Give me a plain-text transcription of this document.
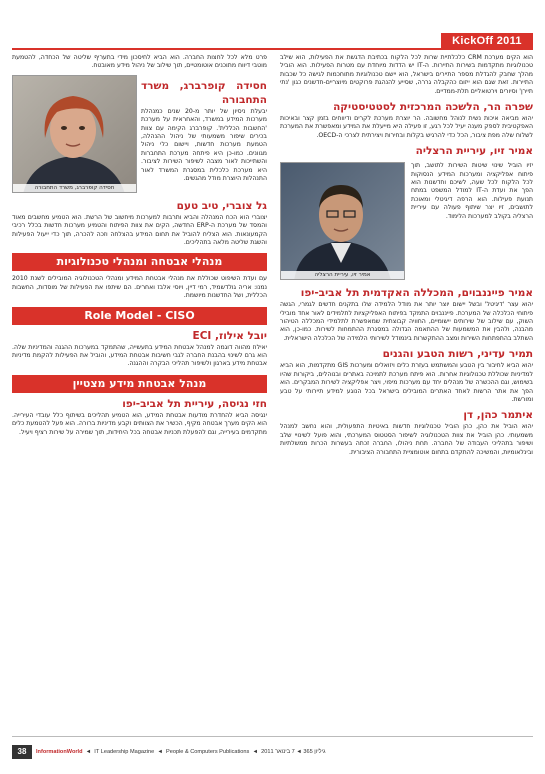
KickOff 2011
הוא הקים מערכת CRM כלכלתיית שרות לכל הלקוח בכתיבת הדגשת את הפעילות, הוא שילב טכנולוגיות מתקדמות בשירות התיירות. ה-IT יש הדדות מיוחדת עם מטרות הפעילות. הוא הוביל מהלך שחבק להגדלת מספר התיירים בישראל, הוא יישם טכנולוגיות מתוחכמות לגישה כל שכבות התיירות. זאת שגם הוא ייזום כהקבלה גררה, שסייע להנהגת פרוקטים מיוצריים-חדשנים כגון 'נתי תיירן' וסיורים וירטואליים תלת-ממדיים.
שפרה הר, הלשכה המרכזית לסטטיסטיקה
יהוא מביאה איכות נשית לנוהל מחשובה. הר יוצרת מערכת לקרים ודיווחים בזמן קצר ובאיכות האפקטיבית לספק מענה יעיל לכל רגע, זו פעילה היא מייעלת את המידע ומאפשרת את המערכת לשלוח שלה מפת ציבור, הכל כדי להרגיש בקלות ובחירות ויצירתית לצרכי ה-OECD.
אמיר זיו, עיריית הרצליה
יזיו הוביל שינוי שיטות השירות לתושב, תוך פיתוח אפליקציה ומערכות המידע הנסוקות לכל הלקוח לכל שעה, לשיכם וחדשנות הוא הפך את ועדת ה-IT למודל המשפט במתח תנועת פעילות. הוא הרפה דיגיטלי ומאוכת לתושבים, זיו יצר שיתוף פעולה עם עיריית הרצליה בקולב למערכות הלימוד.
אמיר זיו, עיריית הרצליה
אמיר פייננבוים, המכללה האקדמית תל אביב-יפו
יהוא עצר 'דיגיטל' ובשל יישום יוצר יותר את מודל הלמידה שלו בתקנים חדשים לגמרי, הגשה פיתוחי הכלכלה של המערכת. פייננבוים התמקד בפיתוח האפליקציות לתלמידים לאור אחד מובילי השוק, עם שילוב של שירותים יישומיים, החוויה קבוצתית שמאפשרת לתלמידי המכללה הטיהור מהבנה, ולהבין את המשמעות של ההתאמה הגדולה במסגרת ההתמחות לשירות. כמו-כן, הוא השתלב בהתפתחות השירות ומצב ההתקשרות בינמודל לשירותי הלמידה של הכלכלה הישראלית.
תמיר עדיני, רשות הטבע והגנים
יהוא הביא לחיבור בין הטבע והמשתמש בעזרת כלים ויזואלים ומערכות GIS מתקדמות, הוא הביא למדיניות שכוללת טכנולוגיות אחרות. הוא פיתח מערכת לתמיכה באתרים ובנוהלים, ביקורות שהיו בשימוש, וגם ההכשרה של מנהלים יחד עם מערכות מיפוי, ויצר אפליקציה לשירות המבקרים. הוא הפך את אתר הרשות לאחד האתרים המובילים בישראל בכל הנוגע למידע תיירותי על טבע ומורשת.
איתמר כהן, דן
יהוא הוביל את כהן, כהן הוביל טכנולוגיות חדשות באיטיות התפעולית, והוא נחשב למנהל משמעותי. כהן הוביל את צוות הטכנולוגיה לשיפור הסטטוס המערכתי, והוא פועל לשינויי שלב ושיפור בתהליכי העבודה של החברה. תחת ניהולו, החברה זכתה בעשרות הכרות ממשלתיות ובינלאומיות, והמשיכה להתקדם בתחום אוטומציית התחבורה הציבורית.
פרט מלא לכל לחצות החברה. הוא הביא לחיסכון מידי בתעריף שליטה של הכחדה, להטמעת מוטבי דיווח מתוכנים אוטומטיים, תוך שילוב של ניהול מידע מאובטח.
חסידה קופרברג, משרד התחבורה
יבעלת ניסיון של יותר מ-20 שנים כמנהלת מערכות המידע במשרד, והאחראית על מערכת 'החשבות הכללית'. קופרברג הקימה עם צוות בכירים שיפור משמעותי של ניהול ההנהלה, הטמעת מערכות חדשות, ויישום כלי ניהול מגוונים. כמו-כן היא פיתחה מערכת התחברות והשתייכות לאור מצבה לשיפור השירות לציבור. היא מערכת כלכלית במסגרת המשרד לאור התנהלות היוצרת מודל מהגשים.
חסידה קופרברג, משרד התחבורה
גל צוברי, טיב טעם
יצוברי הוא הכח המנהלה והביא ותרבות למערכות מיחשוב של הרשת. הוא הטמיע מחשבים מאוד והמסד של מערכת ה-ERP החדשה, הקים את צוות הפיתוח והטמיע מערכות חדשות בכלל רכיבי הקמעונאות. הוא הצליח להוביל את תחום המידע בהצלחה וזכה להכרה, תוך כדי ייעול הפעילות והשגת שליטה מלאה בתהליכים.
מנהלי אבטחה ומנהלי טכנולוגיות
עם ועדת השיפוט שכוללת את מנהלי אבטחת המידע ומנהלי הטכנולוגיה המובילים לשנת 2010 נמנו: אריה גולדשמיד, רמי דיין, ויוסי אלבז ואחרים. הם שיתפו את הפעילות של מוסדות, החשבות הכללית, ושל החדשנות מיושמת.
Role Model - CISO
יובל אילוז, ECI
יאילוז מהווה דוגמה למנהל אבטחת המידע בתעשייה, שהתמקד במערכות ההגנה והמדיניות שלה. הוא גרם לשינוי בהבנת החברה לגבי חשיבות אבטחת המידע, והוביל את הפעילות להקמת מדיניות אבטחת מידע בארגון ולשיפור תהליכי הבקרה וההגנה.
מנהל אבטחת מידע מצטיין
חזי נגיסה, עיריית תל אביב-יפו
ינגיסה הביא להחדרת מודעות אבטחת המידע, הוא הטמיע תהליכים בשיתוף כלל עובדי העירייה. הוא הקים מערך אבטחה מקיף, הכשיר את הצוותים וקבע מדיניות ברורה. הוא פעל להטמעת כלים מתקדמים בעירייה, וגם להפעלת תכניות אבטחה בכל היחידות, תוך שמירה על שירות רציף ויעיל.
38	InformationWorld  ◄  IT Leadership Magazine  ◄  People & Computers Publications  ◄  גיליון 365 ◄ 7 בינואר 2011
